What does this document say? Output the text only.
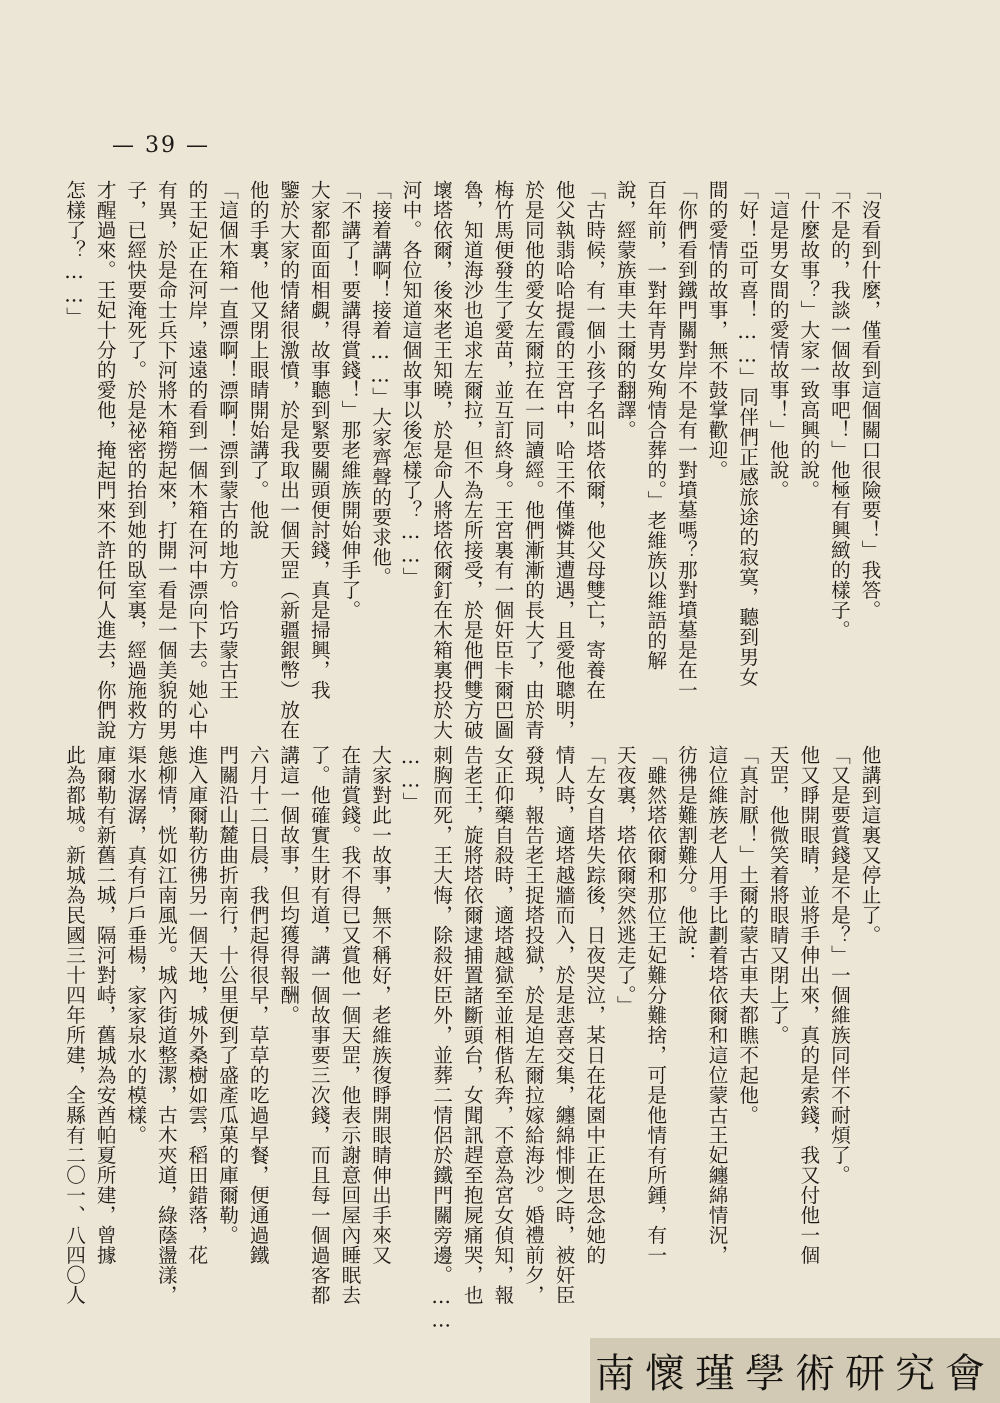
— 39 —
「沒看到什麼，僅看到這個關口很險要！」我答。
「不是的，我談一個故事吧！」他極有興緻的樣子。
「什麼故事？」大家一致高興的說。
「這是男女間的愛情故事！」他說。
「好！亞可喜！……」同伴們正感旅途的寂寞，聽到男女
間的愛情的故事，無不鼓掌歡迎。
「你們看到鐵門關對岸不是有一對墳墓嗎？那對墳墓是在一
百年前，一對年青男女殉情合葬的。」老維族以維語的解
說，經蒙族車夫土爾的翻譯。
「古時候，有一個小孩子名叫塔依爾，他父母雙亡，寄養在
他父執翡哈哈提霞的王宮中，哈王不僅憐其遭遇，且愛他聰明，
於是同他的愛女左爾拉在一同讀經。他們漸漸的長大了，由於青
梅竹馬便發生了愛苗，並互訂終身。王宮裏有一個奸臣卡爾巴圖
魯，知道海沙也追求左爾拉，但不為左所接受，於是他們雙方破
壞塔依爾，後來老王知曉，於是命人將塔依爾釘在木箱裏投於大
河中。各位知道這個故事以後怎樣了？……」
「接着講啊！接着……」大家齊聲的要求他。
「不講了！要講得賞錢！」那老維族開始伸手了。
大家都面面相覷，故事聽到緊要關頭便討錢，真是掃興，我
鑒於大家的情緒很激憤，於是我取出一個天罡（新疆銀幣）放在
他的手裏，他又閉上眼睛開始講了。他說
「這個木箱一直漂啊！漂啊！漂到蒙古的地方。恰巧蒙古王
的王妃正在河岸，遠遠的看到一個木箱在河中漂向下去。她心中
有異，於是命士兵下河將木箱撈起來，打開一看是一個美貌的男
子，已經快要淹死了。於是祕密的抬到她的臥室裏，經過施救方
才醒過來。王妃十分的愛他，掩起門來不許任何人進去，你們說
怎樣了？……」
他講到這裏又停止了。
「又是要賞錢是不是？」一個維族同伴不耐煩了。
他又睜開眼睛，並將手伸出來，真的是索錢，我又付他一個
天罡，他微笑着將眼睛又閉上了。
「真討厭！」土爾的蒙古車夫都瞧不起他。
這位維族老人用手比劃着塔依爾和這位蒙古王妃纏綿情況，
彷彿是難割難分。他說：
「雖然塔依爾和那位王妃難分難捨，可是他情有所鍾，有一
天夜裏，塔依爾突然逃走了。」
「左女自塔失踪後，日夜哭泣，某日在花園中正在思念她的
情人時，適塔越牆而入，於是悲喜交集，纏綿悱惻之時，被奸臣
發現，報告老王捉塔投獄，於是迫左爾拉嫁給海沙。婚禮前夕，
女正仰藥自殺時，適塔越獄至並相偕私奔，不意為宮女偵知，報
告老王，旋將塔依爾逮捕置諸斷頭台，女聞訊趕至抱屍痛哭，也
刺胸而死，王大悔，除殺奸臣外，並葬二情侶於鐵門關旁邊。……
……」
大家對此一故事，無不稱好，老維族復睜開眼睛伸出手來又
在請賞錢。我不得已又賞他一個天罡，他表示謝意回屋內睡眠去
了。他確實生財有道，講一個故事要三次錢，而且每一個過客都
講這一個故事，但均獲得報酬。
六月十二日晨，我們起得很早，草草的吃過早餐，便通過鐵
門關沿山麓曲折南行，十公里便到了盛產瓜菓的庫爾勒。
進入庫爾勒彷彿另一個天地，城外桑樹如雲，稻田錯落，花
態柳情，恍如江南風光。城內街道整潔，古木夾道，綠蔭盪漾，
渠水潺潺，真有戶戶垂楊，家家泉水的模樣。
庫爾勒有新舊二城，隔河對峙，舊城為安酋帕夏所建，曾據
此為都城。新城為民國三十四年所建，全縣有二〇一、八四〇人
南懷瑾學術研究會
